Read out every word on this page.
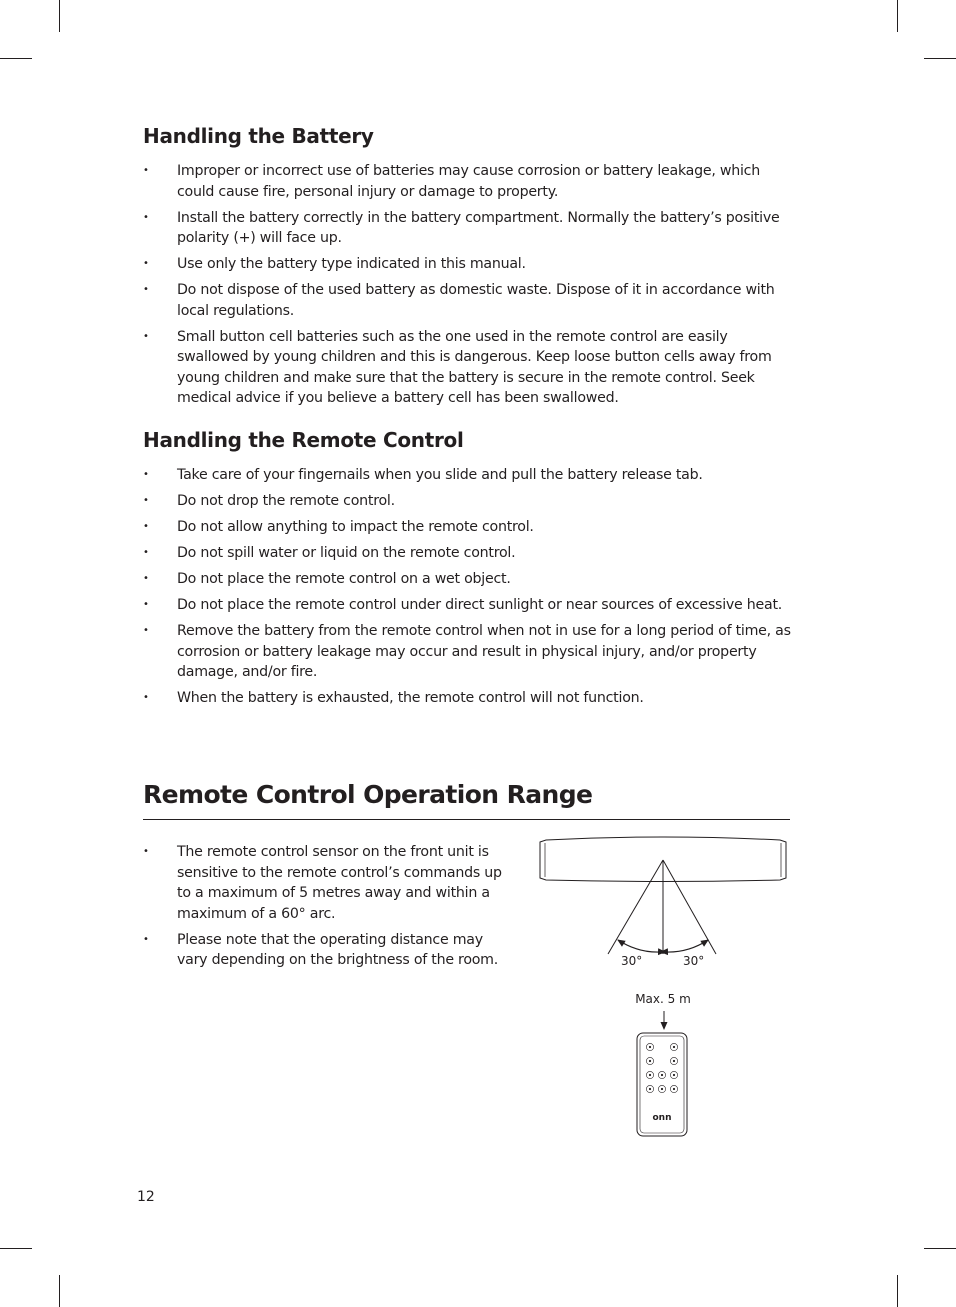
Handling the Battery
• Improper or incorrect use of batteries may cause corrosion or battery leakage, which could cause fire, personal injury or damage to property.
• Install the battery correctly in the battery compartment. Normally the battery’s positive polarity (+) will face up.
• Use only the battery type indicated in this manual.
• Do not dispose of the used battery as domestic waste. Dispose of it in accordance with local regulations.
• Small button cell batteries such as the one used in the remote control are easily swallowed by young children and this is dangerous. Keep loose button cells away from young children and make sure that the battery is secure in the remote control. Seek medical advice if you believe a battery cell has been swallowed.
Handling the Remote Control
• Take care of your fingernails when you slide and pull the battery release tab.
• Do not drop the remote control.
• Do not allow anything to impact the remote control.
• Do not spill water or liquid on the remote control.
• Do not place the remote control on a wet object.
• Do not place the remote control under direct sunlight or near sources of excessive heat.
• Remove the battery from the remote control when not in use for a long period of time, as corrosion or battery leakage may occur and result in physical injury, and/or property damage, and/or fire.
• When the battery is exhausted, the remote control will not function.
Remote Control Operation Range
• The remote control sensor on the front unit is sensitive to the remote control’s commands up to a maximum of 5 metres away and within a maximum of a 60° arc.
• Please note that the operating distance may vary depending on the brightness of the room.	30°	30°
Max. 5 m
onn
12
